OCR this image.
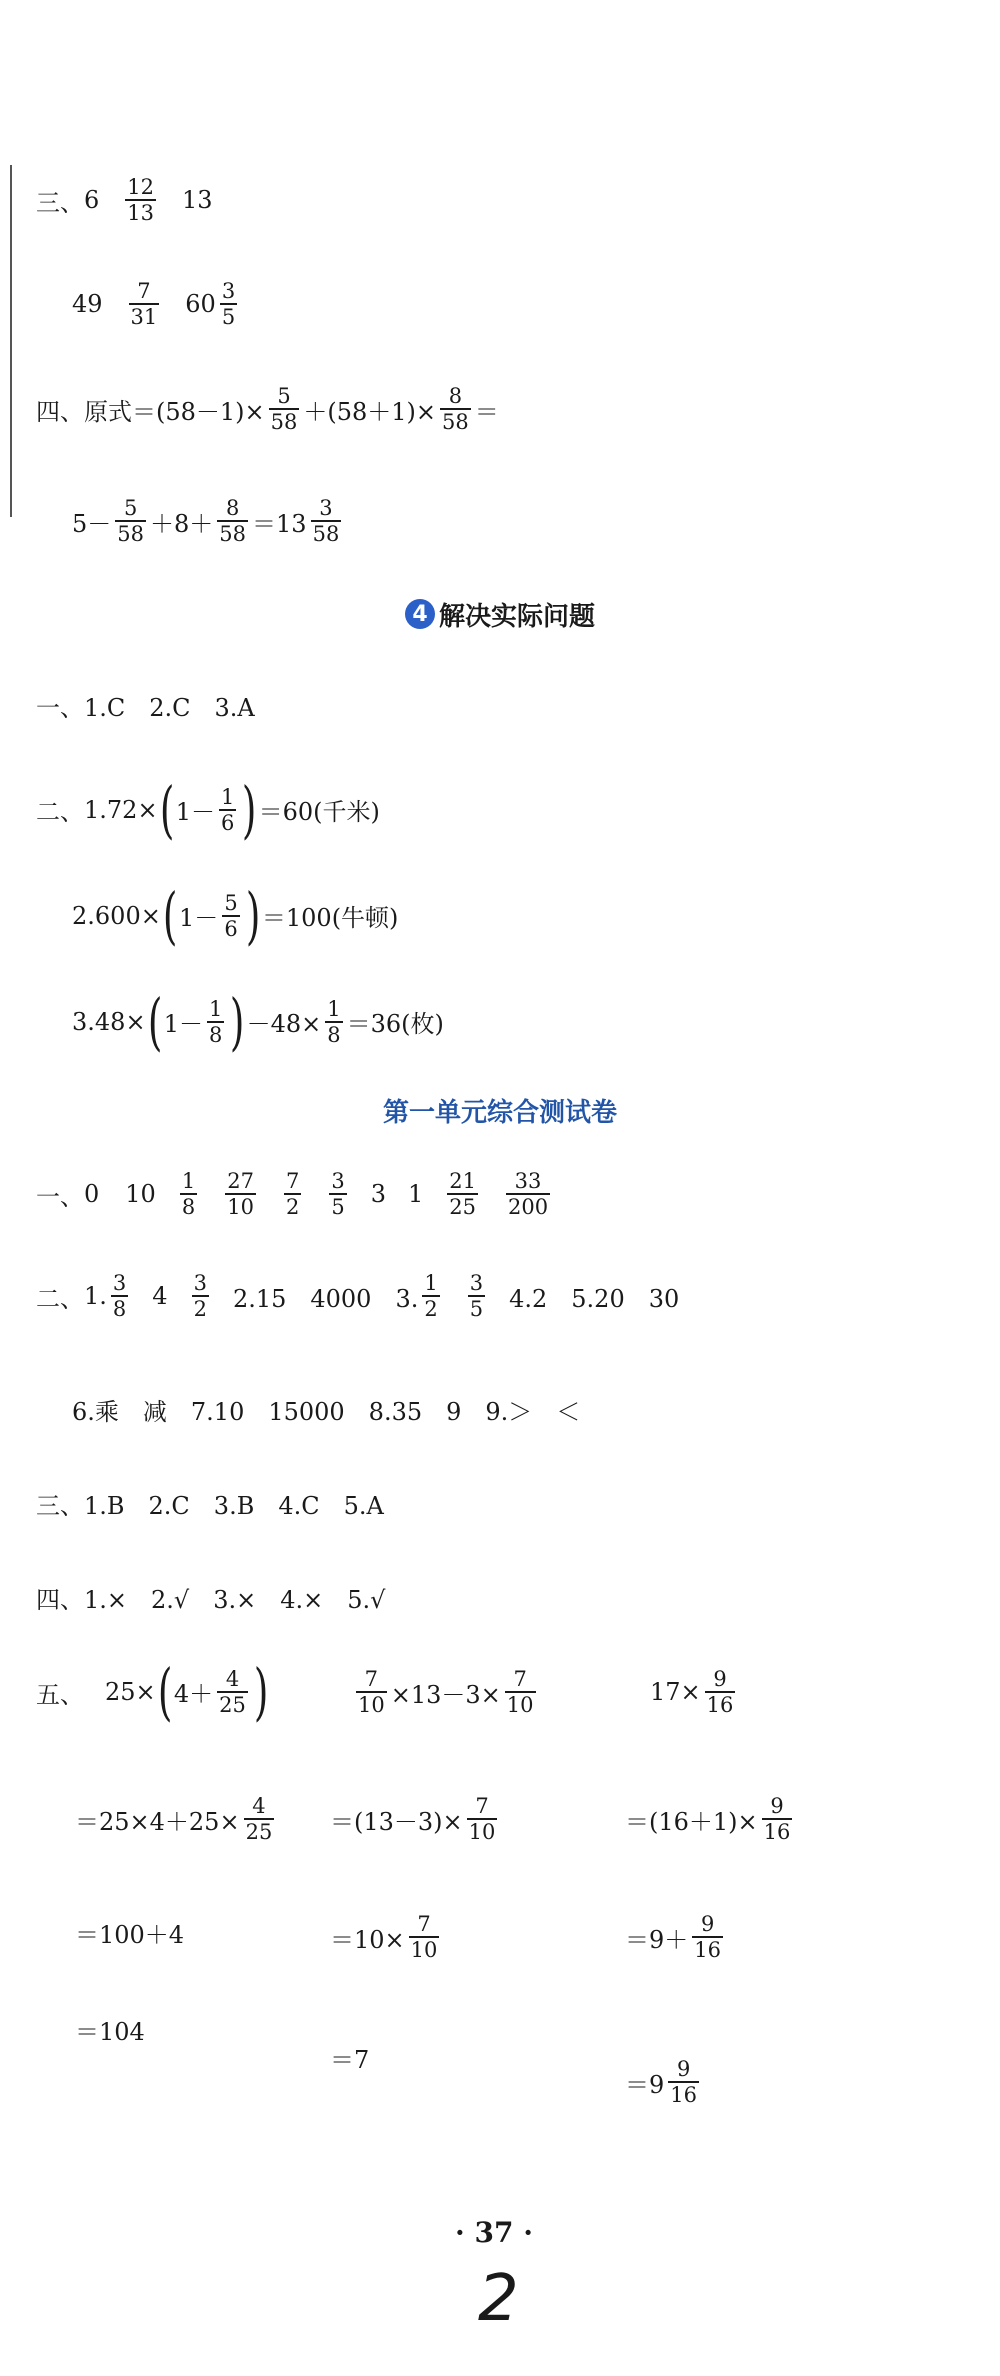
三、 $6 \frac{12}{13} 13$
$49 \frac{7}{31} 60 \frac{3}{5}$
四、 原式$=(58-1)\times \frac{5}{58} +(58+1)\times \frac{8}{58}$ ＝
$5- \frac{5}{58} +8+ \frac{8}{58} =13 \frac{3}{58}$
4 解决实际问题
一、 1.C　2.C　3.A
二、 1.72× ( $1- \frac{1}{6}$ ) ＝60(千米)
2.600× ( $1- \frac{5}{6}$ ) ＝100(牛顿)
3.48× ( $1- \frac{1}{8}$ ) $-48\times \frac{1}{8} =36$(枚)
第一单元综合测试卷
一、 0 $10 \frac{1}{8} \frac{27}{10} \frac{7}{2} \frac{3}{5} 3$ $1 \frac{21}{25} \frac{33}{200}$
二、 1. $\frac{3}{8} 4 \frac{3}{2} 2.15$　4000　3. $\frac{1}{2} \frac{3}{5} 4.2$　5.20　30
6.乘　减　7.10　15000　8.35　9　9.＞　＜
三、 1.B　2.C　3.B　4.C　5.A
四、 1.×　2.√　3.×　4.×　5.√
五、 25× ( $4+ \frac{4}{25}$ )
$=25\times 4+25\times \frac{4}{25}$
＝100＋4
＝104
$\frac{7}{10} \times 13-3\times \frac{7}{10}$
$=(13-3)\times \frac{7}{10}$
$=10\times \frac{7}{10}$
＝7
$17\times \frac{9}{16}$
$=(16+1)\times \frac{9}{16}$
$=9+ \frac{9}{16}$
$=9 \frac{9}{16}$
· 37 ·
2
